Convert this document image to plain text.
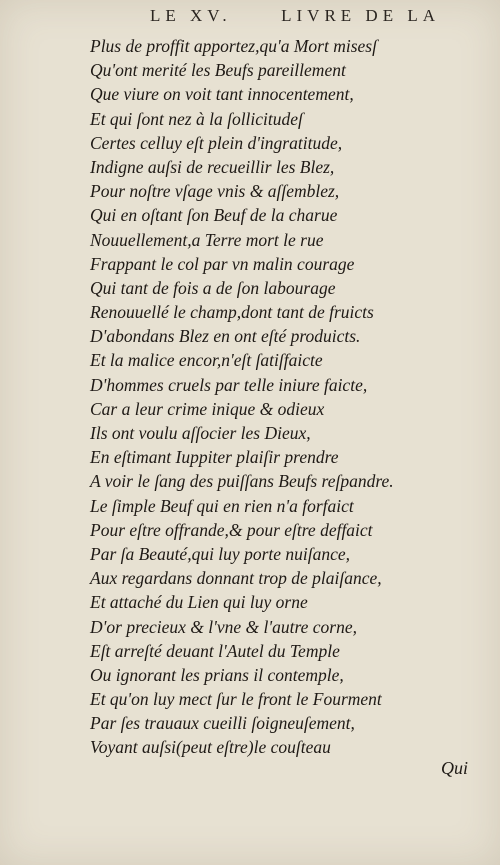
LE XV.	LIVRE DE LA
Plus de proffit apportez,qu'a Mort misesſ
Qu'ont merité les Beufs pareillement
Que viure on voit tant innocentement,
Et qui ſont nez à la ſollicitudeſ
Certes celluy eſt plein d'ingratitude,
Indigne auſsi de recueillir les Blez,
Pour noſtre vſage vnis & aſſemblez,
Qui en oſtant ſon Beuf de la charue
Nouuellement,a Terre mort le rue
Frappant le col par vn malin courage
Qui tant de fois a de ſon labourage
Renouuellé le champ,dont tant de fruicts
D'abondans Blez en ont eſté produicts.
Et la malice encor,n'eſt ſatiſfaicte
D'hommes cruels par telle iniure faicte,
Car a leur crime inique & odieux
Ils ont voulu aſſocier les Dieux,
En eſtimant Iuppiter plaiſir prendre
A voir le ſang des puiſſans Beufs reſpandre.
Le ſimple Beuf qui en rien n'a forfaict
Pour eſtre offrande,& pour eſtre deffaict
Par ſa Beauté,qui luy porte nuiſance,
Aux regardans donnant trop de plaiſance,
Et attaché du Lien qui luy orne
D'or precieux & l'vne & l'autre corne,
Eſt arreſté deuant l'Autel du Temple
Ou ignorant les prians il contemple,
Et qu'on luy mect ſur le front le Fourment
Par ſes trauaux cueilli ſoigneuſement,
Voyant auſsi(peut eſtre)le couſteau
Qui
